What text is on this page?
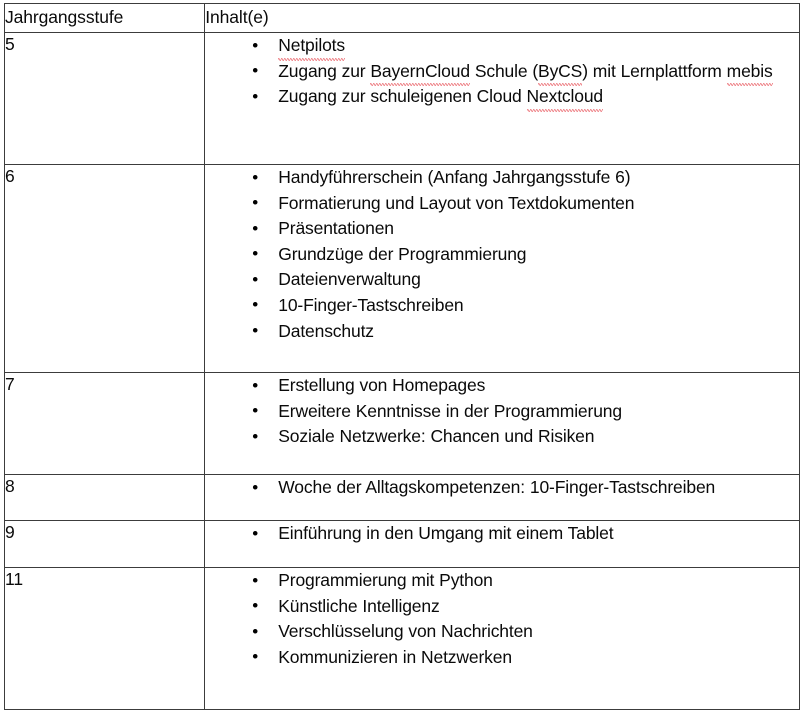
Jahrgangsstufe	Inhalt(e)
5	
•Netpilots
• Zugang zur BayernCloud Schule (ByCS) mit Lernplattform mebis
• Zugang zur schuleigenen Cloud Nextcloud

6	
•Handyführerschein (Anfang Jahrgangsstufe 6)
• Formatierung und Layout von Textdokumenten
• Präsentationen
• Grundzüge der Programmierung
• Dateienverwaltung
• 10-Finger-Tastschreiben
• Datenschutz

7	
•Erstellung von Homepages
• Erweitere Kenntnisse in der Programmierung
• Soziale Netzwerke: Chancen und Risiken

8	
•Woche der Alltagskompetenzen: 10-Finger-Tastschreiben

9	
•Einführung in den Umgang mit einem Tablet

11	
•Programmierung mit Python
• Künstliche Intelligenz
• Verschlüsselung von Nachrichten
• Kommunizieren in Netzwerken
